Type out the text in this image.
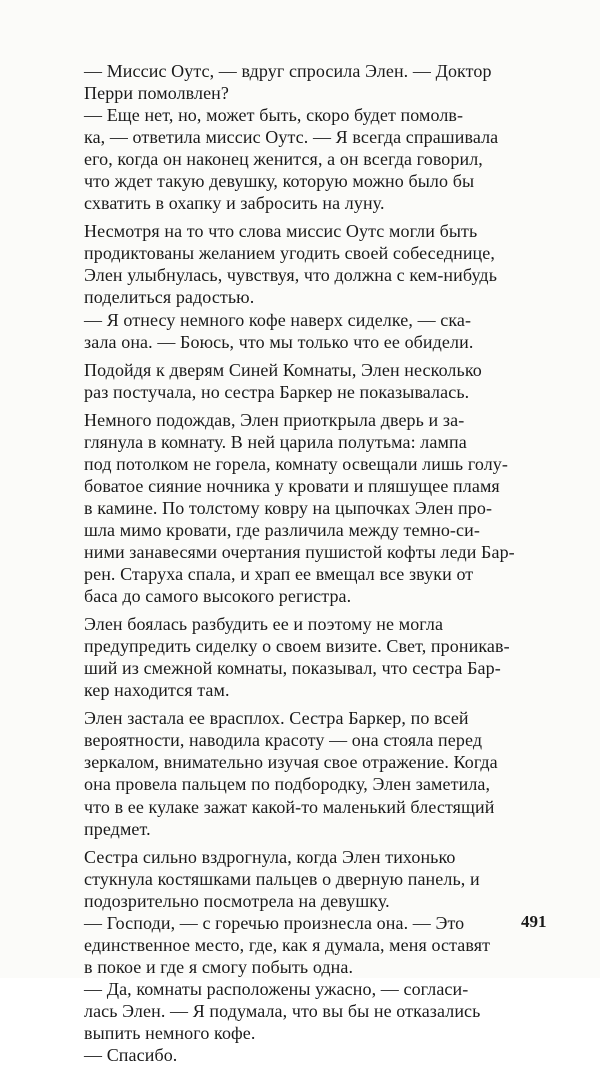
— Миссис Оутс, — вдруг спросила Элен. — Доктор
Перри помолвлен?
— Еще нет, но, может быть, скоро будет помолв-
ка, — ответила миссис Оутс. — Я всегда спрашивала
его, когда он наконец женится, а он всегда говорил,
что ждет такую девушку, которую можно было бы
схватить в охапку и забросить на луну.
Несмотря на то что слова миссис Оутс могли быть
продиктованы желанием угодить своей собеседнице,
Элен улыбнулась, чувствуя, что должна с кем-нибудь
поделиться радостью.
— Я отнесу немного кофе наверх сиделке, — ска-
зала она. — Боюсь, что мы только что ее обидели.
Подойдя к дверям Синей Комнаты, Элен несколько
раз постучала, но сестра Баркер не показывалась.
Немного подождав, Элен приоткрыла дверь и за-
глянула в комнату. В ней царила полутьма: лампа
под потолком не горела, комнату освещали лишь голу-
боватое сияние ночника у кровати и пляшущее пламя
в камине. По толстому ковру на цыпочках Элен про-
шла мимо кровати, где различила между темно-си-
ними занавесями очертания пушистой кофты леди Бар-
рен. Старуха спала, и храп ее вмещал все звуки от
баса до самого высокого регистра.
Элен боялась разбудить ее и поэтому не могла
предупредить сиделку о своем визите. Свет, проникав-
ший из смежной комнаты, показывал, что сестра Бар-
кер находится там.
Элен застала ее врасплох. Сестра Баркер, по всей
вероятности, наводила красоту — она стояла перед
зеркалом, внимательно изучая свое отражение. Когда
она провела пальцем по подбородку, Элен заметила,
что в ее кулаке зажат какой-то маленький блестящий
предмет.
Сестра сильно вздрогнула, когда Элен тихонько
стукнула костяшками пальцев о дверную панель, и
подозрительно посмотрела на девушку.
— Господи, — с горечью произнесла она. — Это
единственное место, где, как я думала, меня оставят
в покое и где я смогу побыть одна.
— Да, комнаты расположены ужасно, — согласи-
лась Элен. — Я подумала, что вы бы не отказались
выпить немного кофе.
— Спасибо.
491
